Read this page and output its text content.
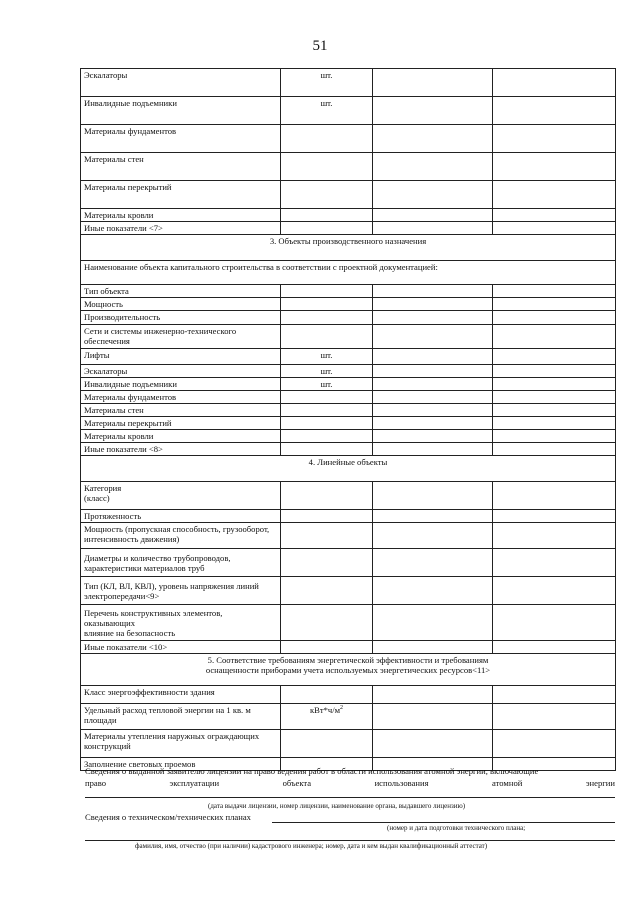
51
Эскалаторы	шт.		
Инвалидные подъемники	шт.		
Материалы фундаментов			
Материалы стен			
Материалы перекрытий			
Материалы кровли			
Иные показатели <7>			
3. Объекты производственного назначения			
Наименование объекта капитального строительства в соответствии с проектной документацией:			
Тип объекта			
Мощность			
Производительность			
Сети и системы инженерно-технического обеспечения			
Лифты	шт.		
Эскалаторы	шт.		
Инвалидные подъемники	шт.		
Материалы фундаментов			
Материалы стен			
Материалы перекрытий			
Материалы кровли			
Иные показатели <8>			
4. Линейные объекты			
Категория
(класс)			
Протяженность			
Мощность (пропускная способность, грузооборот, интенсивность движения)			
Диаметры и количество трубопроводов, характеристики материалов труб			
Тип (КЛ, ВЛ, КВЛ), уровень напряжения линий электропередачи<9>			
Перечень конструктивных элементов,
оказывающих
влияние на безопасность			
Иные показатели <10>			

5. Соответствие требованиям энергетической эффективности и требованиям
оснащенности приборами учета используемых энергетических ресурсов<11>			

Класс энергоэффективности здания			
Удельный расход тепловой энергии на 1 кв. м площади	$кВт*ч/м^2$		
Материалы утепления наружных ограждающих конструкций			
Заполнение световых проемов			
Сведения о выданной заявителю лицензии на право ведения работ в области использования атомной энергии, включающие
право	эксплуатации	объекта	использования	атомной	энергии
(дата выдачи лицензии, номер лицензии, наименование органа, выдавшего лицензию)
Сведения о техническом/технических планах
(номер и дата подготовки технического плана;
фамилия, имя, отчество (при наличии) кадастрового инженера; номер, дата и кем выдан квалификационный аттестат)
